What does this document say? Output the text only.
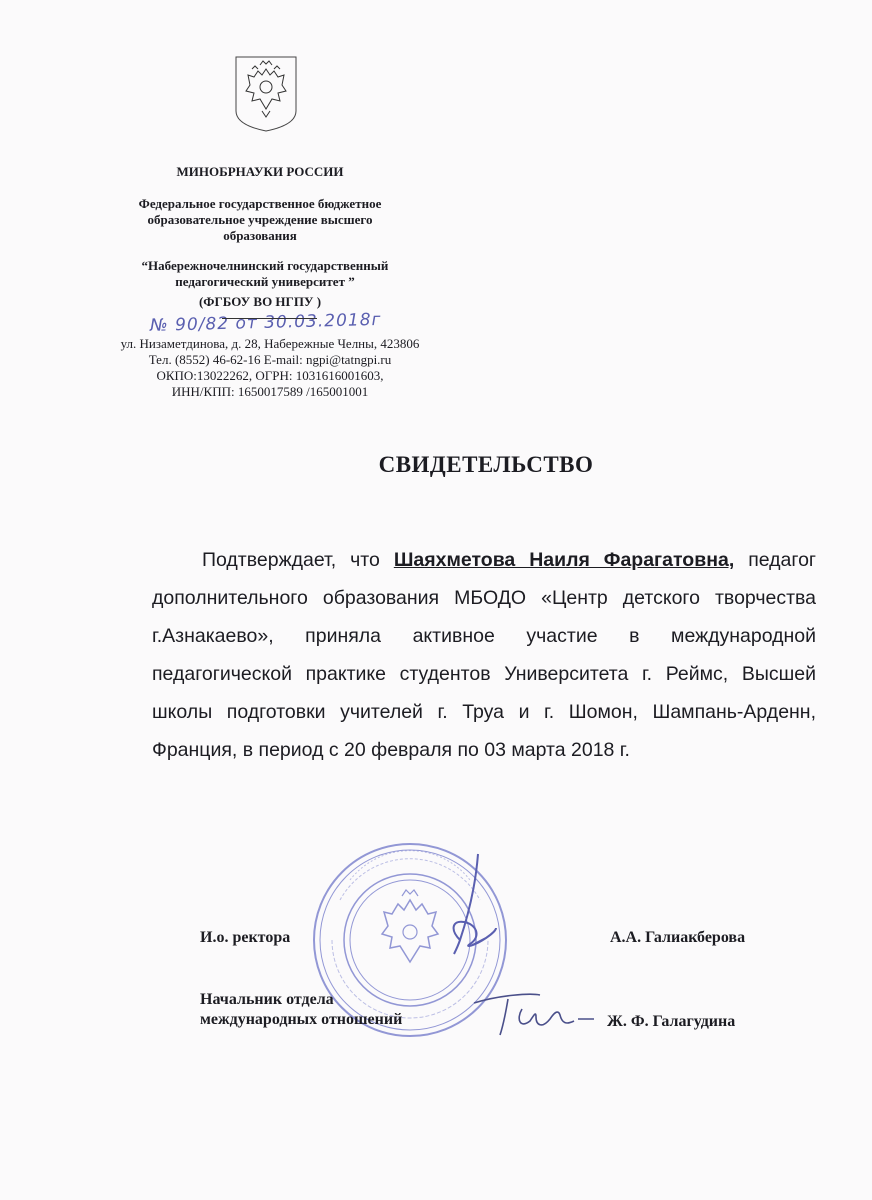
МИНОБРНАУКИ РОССИИ
Федеральное государственное бюджетное
образовательное учреждение высшего
образования
“Набережночелнинский государственный
педагогический университет ”
(ФГБОУ ВО НГПУ )
№ 90/82 от 30.03.2018г
ул. Низаметдинова, д. 28, Набережные Челны, 423806
Тел. (8552) 46-62-16 E-mail: ngpi@tatngpi.ru
ОКПО:13022262, ОГРН: 1031616001603,
ИНН/КПП: 1650017589 /165001001
СВИДЕТЕЛЬСТВО
Подтверждает, что Шаяхметова Наиля Фарагатовна, педагог дополнительного образования МБОДО «Центр детского творчества г.Азнакаево», приняла активное участие в международной педагогической практике студентов Университета г. Реймс, Высшей школы подготовки учителей г. Труа и г. Шомон, Шампань-Арденн, Франция, в период с 20 февраля по 03 марта 2018 г.
И.о. ректора	А.А. Галиакберова
Начальник отдела
международных отношений	Ж. Ф. Галагудина
